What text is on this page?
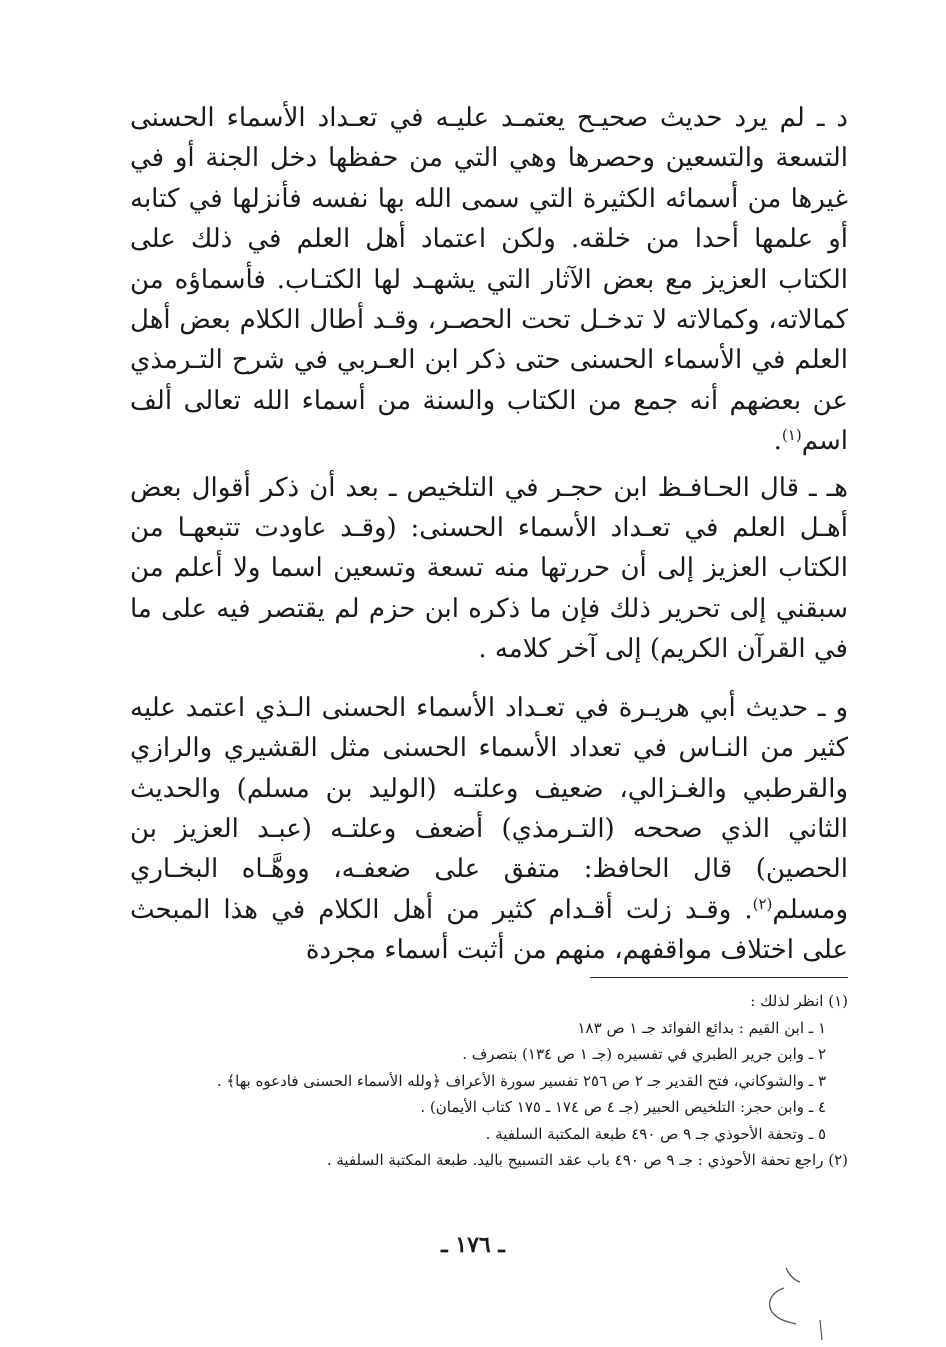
د ـ لم يرد حديث صحيـح يعتمـد عليـه في تعـداد الأسماء الحسنى التسعة والتسعين وحصرها وهي التي من حفظها دخل الجنة أو في غيرها من أسمائه الكثيرة التي سمى الله بها نفسه فأنزلها في كتابه أو علمها أحدا من خلقه. ولكن اعتماد أهل العلم في ذلك على الكتاب العزيز مع بعض الآثار التي يشهـد لها الكتـاب. فأسماؤه من كمالاته، وكمالاته لا تدخـل تحت الحصـر، وقـد أطال الكلام بعض أهل العلم في الأسماء الحسنى حتى ذكر ابن العـربي في شرح التـرمذي عن بعضهم أنه جمع من الكتاب والسنة من أسماء الله تعالى ألف اسم$^{(١)}$.

هـ ـ قال الحـافـظ ابن حجـر في التلخيص ـ بعد أن ذكر أقوال بعض أهـل العلم في تعـداد الأسماء الحسنى: (وقـد عاودت تتبعهـا من الكتاب العزيز إلى أن حررتها منه تسعة وتسعين اسما ولا أعلم من سبقني إلى تحرير ذلك فإن ما ذكره ابن حزم لم يقتصر فيه على ما في القرآن الكريم) إلى آخر كلامه .

و ـ حديث أبي هريـرة في تعـداد الأسماء الحسنى الـذي اعتمد عليه كثير من النـاس في تعداد الأسماء الحسنى مثل القشيري والرازي والقرطبي والغـزالي، ضعيف وعلتـه (الوليد بن مسلم) والحديث الثاني الذي صححه (التـرمذي) أضعف وعلتـه (عبـد العزيز بن الحصين) قال الحافظ: متفق على ضعفـه، ووهَّـاه البخـاري ومسلم$^{(٢)}$. وقـد زلت أقـدام كثير من أهل الكلام في هذا المبحث على اختلاف مواقفهم، منهم من أثبت أسماء مجردة

(١) انظر لذلك :

١ ـ ابن القيم : بدائع الفوائد جـ ١ ص ١٨٣

٢ ـ وابن جرير الطبري في تفسيره (جـ ١ ص ١٣٤) بتصرف .

٣ ـ والشوكاني، فتح القدير جـ ٢ ص ٢٥٦ تفسير سورة الأعراف ﴿ولله الأسماء الحسنى فادعوه بها﴾ .

٤ ـ وابن حجر: التلخيص الحبير (جـ ٤ ص ١٧٤ ـ ١٧٥ كتاب الأيمان) .

٥ ـ وتحفة الأحوذي جـ ٩ ص ٤٩٠ طبعة المكتبة السلفية .

(٢) راجع تحفة الأحوذي : جـ ٩ ص ٤٩٠ باب عقد التسبيح باليد. طبعة المكتبة السلفية .

ـ ١٧٦ ـ
